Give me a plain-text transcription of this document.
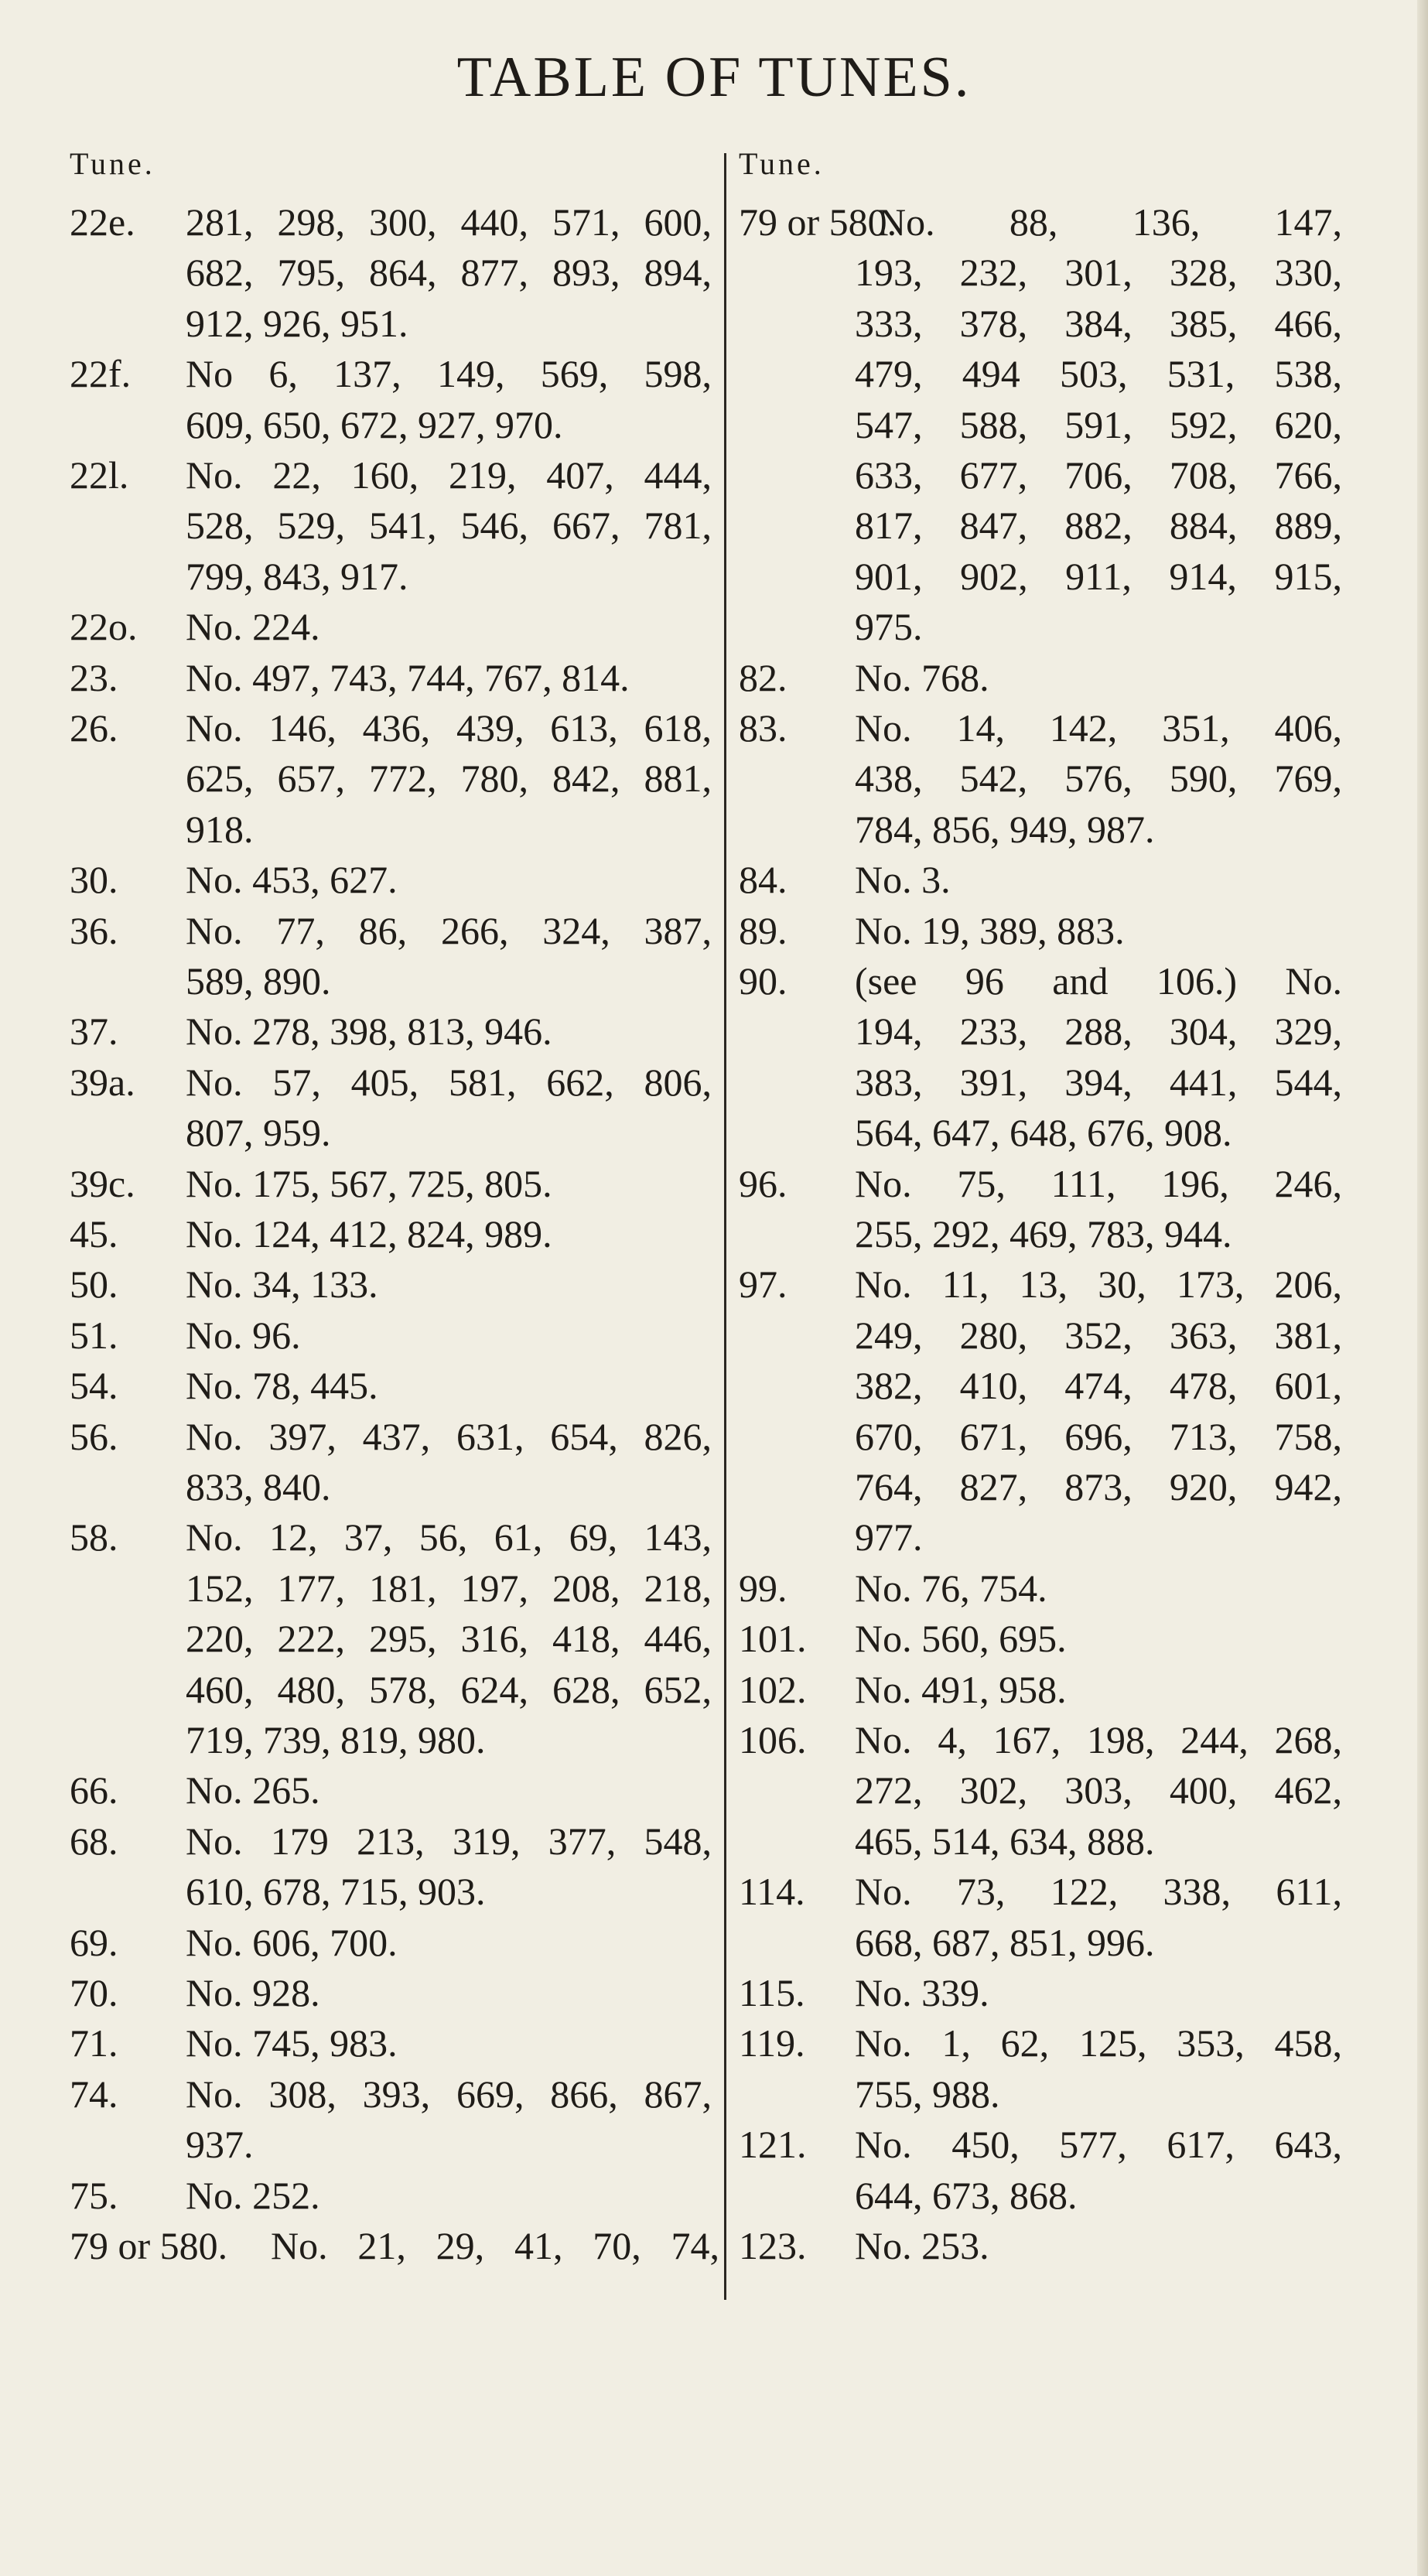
TABLE OF TUNES.
Tune.
22e. 281, 298, 300, 440, 571, 600,
682, 795, 864, 877, 893, 894,
912, 926, 951.
22f. No 6, 137, 149, 569, 598,
609, 650, 672, 927, 970.
22l. No. 22, 160, 219, 407, 444,
528, 529, 541, 546, 667, 781,
799, 843, 917.
22o. No. 224.
23. No. 497, 743, 744, 767, 814.
26. No. 146, 436, 439, 613, 618,
625, 657, 772, 780, 842, 881,
918.
30. No. 453, 627.
36. No. 77, 86, 266, 324, 387,
589, 890.
37. No. 278, 398, 813, 946.
39a. No. 57, 405, 581, 662, 806,
807, 959.
39c. No. 175, 567, 725, 805.
45. No. 124, 412, 824, 989.
50. No. 34, 133.
51. No. 96.
54. No. 78, 445.
56. No. 397, 437, 631, 654, 826,
833, 840.
58. No. 12, 37, 56, 61, 69, 143,
152, 177, 181, 197, 208, 218,
220, 222, 295, 316, 418, 446,
460, 480, 578, 624, 628, 652,
719, 739, 819, 980.
66. No. 265.
68. No. 179 213, 319, 377, 548,
610, 678, 715, 903.
69. No. 606, 700.
70. No. 928.
71. No. 745, 983.
74. No. 308, 393, 669, 866, 867,
937.
75. No. 252.
79 or 580. No. 21, 29, 41, 70, 74,
Tune.
79 or 580.
No. 88, 136, 147,
193, 232, 301, 328, 330,
333, 378, 384, 385, 466,
479, 494 503, 531, 538,
547, 588, 591, 592, 620,
633, 677, 706, 708, 766,
817, 847, 882, 884, 889,
901, 902, 911, 914, 915,
975.
82. No. 768.
83. No. 14, 142, 351, 406,
438, 542, 576, 590, 769,
784, 856, 949, 987.
84. No. 3.
89. No. 19, 389, 883.
90. (see 96 and 106.) No.
194, 233, 288, 304, 329,
383, 391, 394, 441, 544,
564, 647, 648, 676, 908.
96. No. 75, 111, 196, 246,
255, 292, 469, 783, 944.
97. No. 11, 13, 30, 173, 206,
249, 280, 352, 363, 381,
382, 410, 474, 478, 601,
670, 671, 696, 713, 758,
764, 827, 873, 920, 942,
977.
99. No. 76, 754.
101. No. 560, 695.
102. No. 491, 958.
106. No. 4, 167, 198, 244, 268,
272, 302, 303, 400, 462,
465, 514, 634, 888.
114. No. 73, 122, 338, 611,
668, 687, 851, 996.
115. No. 339.
119. No. 1, 62, 125, 353, 458,
755, 988.
121. No. 450, 577, 617, 643,
644, 673, 868.
123. No. 253.
